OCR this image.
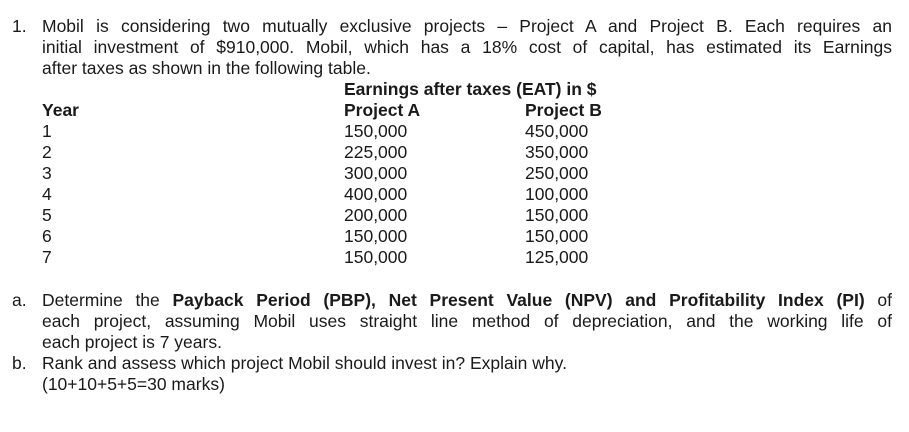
1. Mobil is considering two mutually exclusive projects – Project A and Project B. Each requires an
initial investment of $910,000. Mobil, which has a 18% cost of capital, has estimated its Earnings
after taxes as shown in the following table.
Earnings after taxes (EAT) in $
Year	Project A	Project B
1
2
3
4
5
6
7
150,000
225,000
300,000
400,000
200,000
150,000
150,000
450,000
350,000
250,000
100,000
150,000
150,000
125,000
a. Determine the Payback Period (PBP), Net Present Value (NPV) and Profitability Index (PI) of
each project, assuming Mobil uses straight line method of depreciation, and the working life of
each project is 7 years.
b. Rank and assess which project Mobil should invest in? Explain why.
(10+10+5+5=30 marks)
